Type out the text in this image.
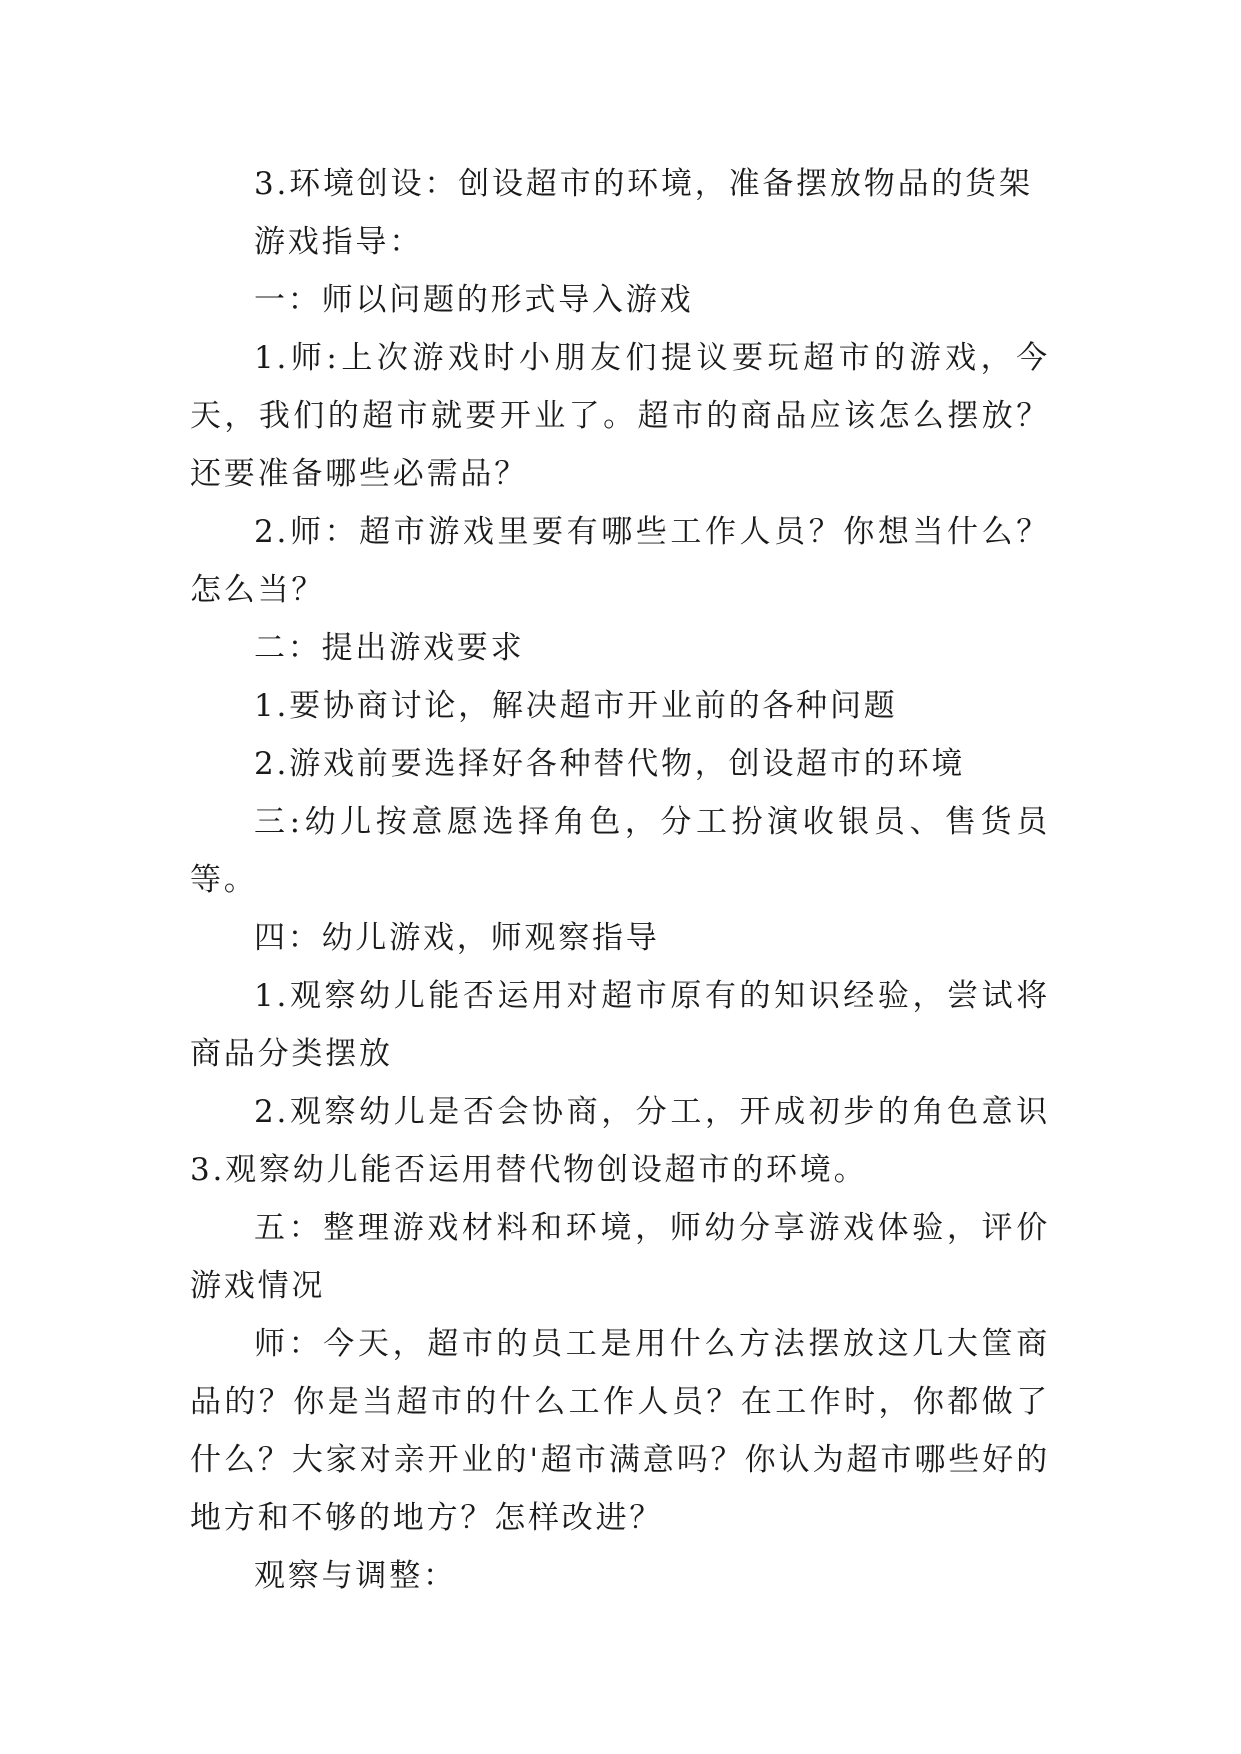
3.环境创设：创设超市的环境，准备摆放物品的货架

游戏指导：

一：师以问题的形式导入游戏

1.师:上次游戏时小朋友们提议要玩超市的游戏，今天，我们的超市就要开业了。超市的商品应该怎么摆放？还要准备哪些必需品？

2.师：超市游戏里要有哪些工作人员？你想当什么？怎么当？

二：提出游戏要求

1.要协商讨论，解决超市开业前的各种问题

2.游戏前要选择好各种替代物，创设超市的环境

三:幼儿按意愿选择角色，分工扮演收银员、售货员等。

四：幼儿游戏，师观察指导

1.观察幼儿能否运用对超市原有的知识经验，尝试将商品分类摆放

2.观察幼儿是否会协商，分工，开成初步的角色意识3.观察幼儿能否运用替代物创设超市的环境。

五：整理游戏材料和环境，师幼分享游戏体验，评价游戏情况

师：今天，超市的员工是用什么方法摆放这几大筐商品的？你是当超市的什么工作人员？在工作时，你都做了什么？大家对亲开业的'超市满意吗？你认为超市哪些好的地方和不够的地方？怎样改进？

观察与调整：
